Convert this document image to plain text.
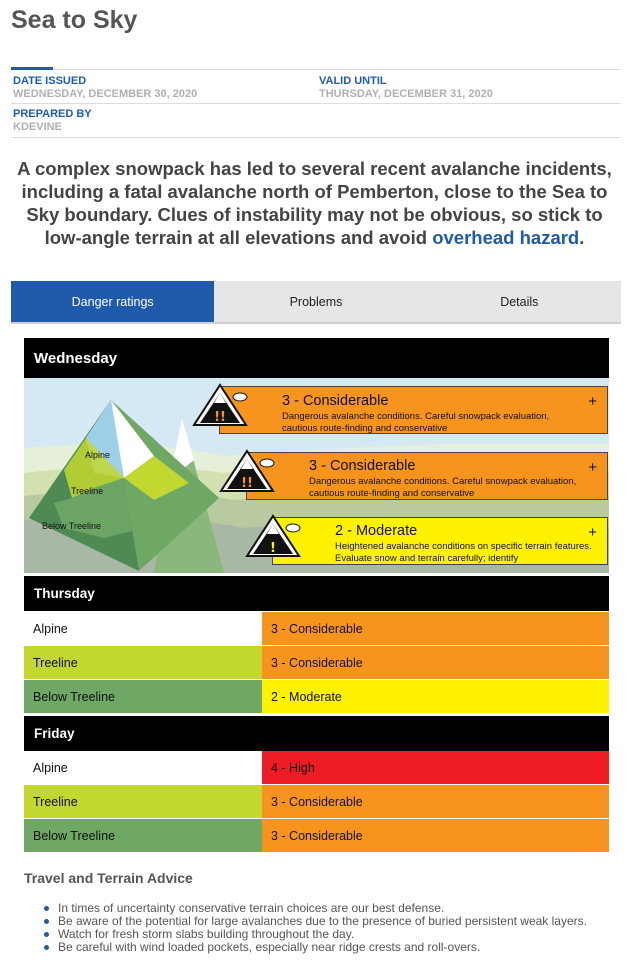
Sea to Sky
DATE ISSUED
WEDNESDAY, DECEMBER 30, 2020
VALID UNTIL
THURSDAY, DECEMBER 31, 2020
PREPARED BY
KDEVINE
A complex snowpack has led to several recent avalanche incidents, including a fatal avalanche north of Pemberton, close to the Sea to Sky boundary. Clues of instability may not be obvious, so stick to low-angle terrain at all elevations and avoid overhead hazard.
Danger ratings	Problems	Details
Wednesday
Alpine
Treeline
Below Treeline
3 - Considerable
Dangerous avalanche conditions. Careful snowpack evaluation, cautious route-finding and conservative
+
!!
3 - Considerable
Dangerous avalanche conditions. Careful snowpack evaluation, cautious route-finding and conservative
+
!!
2 - Moderate
Heightened avalanche conditions on specific terrain features. Evaluate snow and terrain carefully; identify
+
!
Thursday
Alpine	3 - Considerable
Treeline	3 - Considerable
Below Treeline	2 - Moderate
Friday
Alpine	4 - High
Treeline	3 - Considerable
Below Treeline	3 - Considerable
Travel and Terrain Advice
In times of uncertainty conservative terrain choices are our best defense.
Be aware of the potential for large avalanches due to the presence of buried persistent weak layers.
Watch for fresh storm slabs building throughout the day.
Be careful with wind loaded pockets, especially near ridge crests and roll-overs.
